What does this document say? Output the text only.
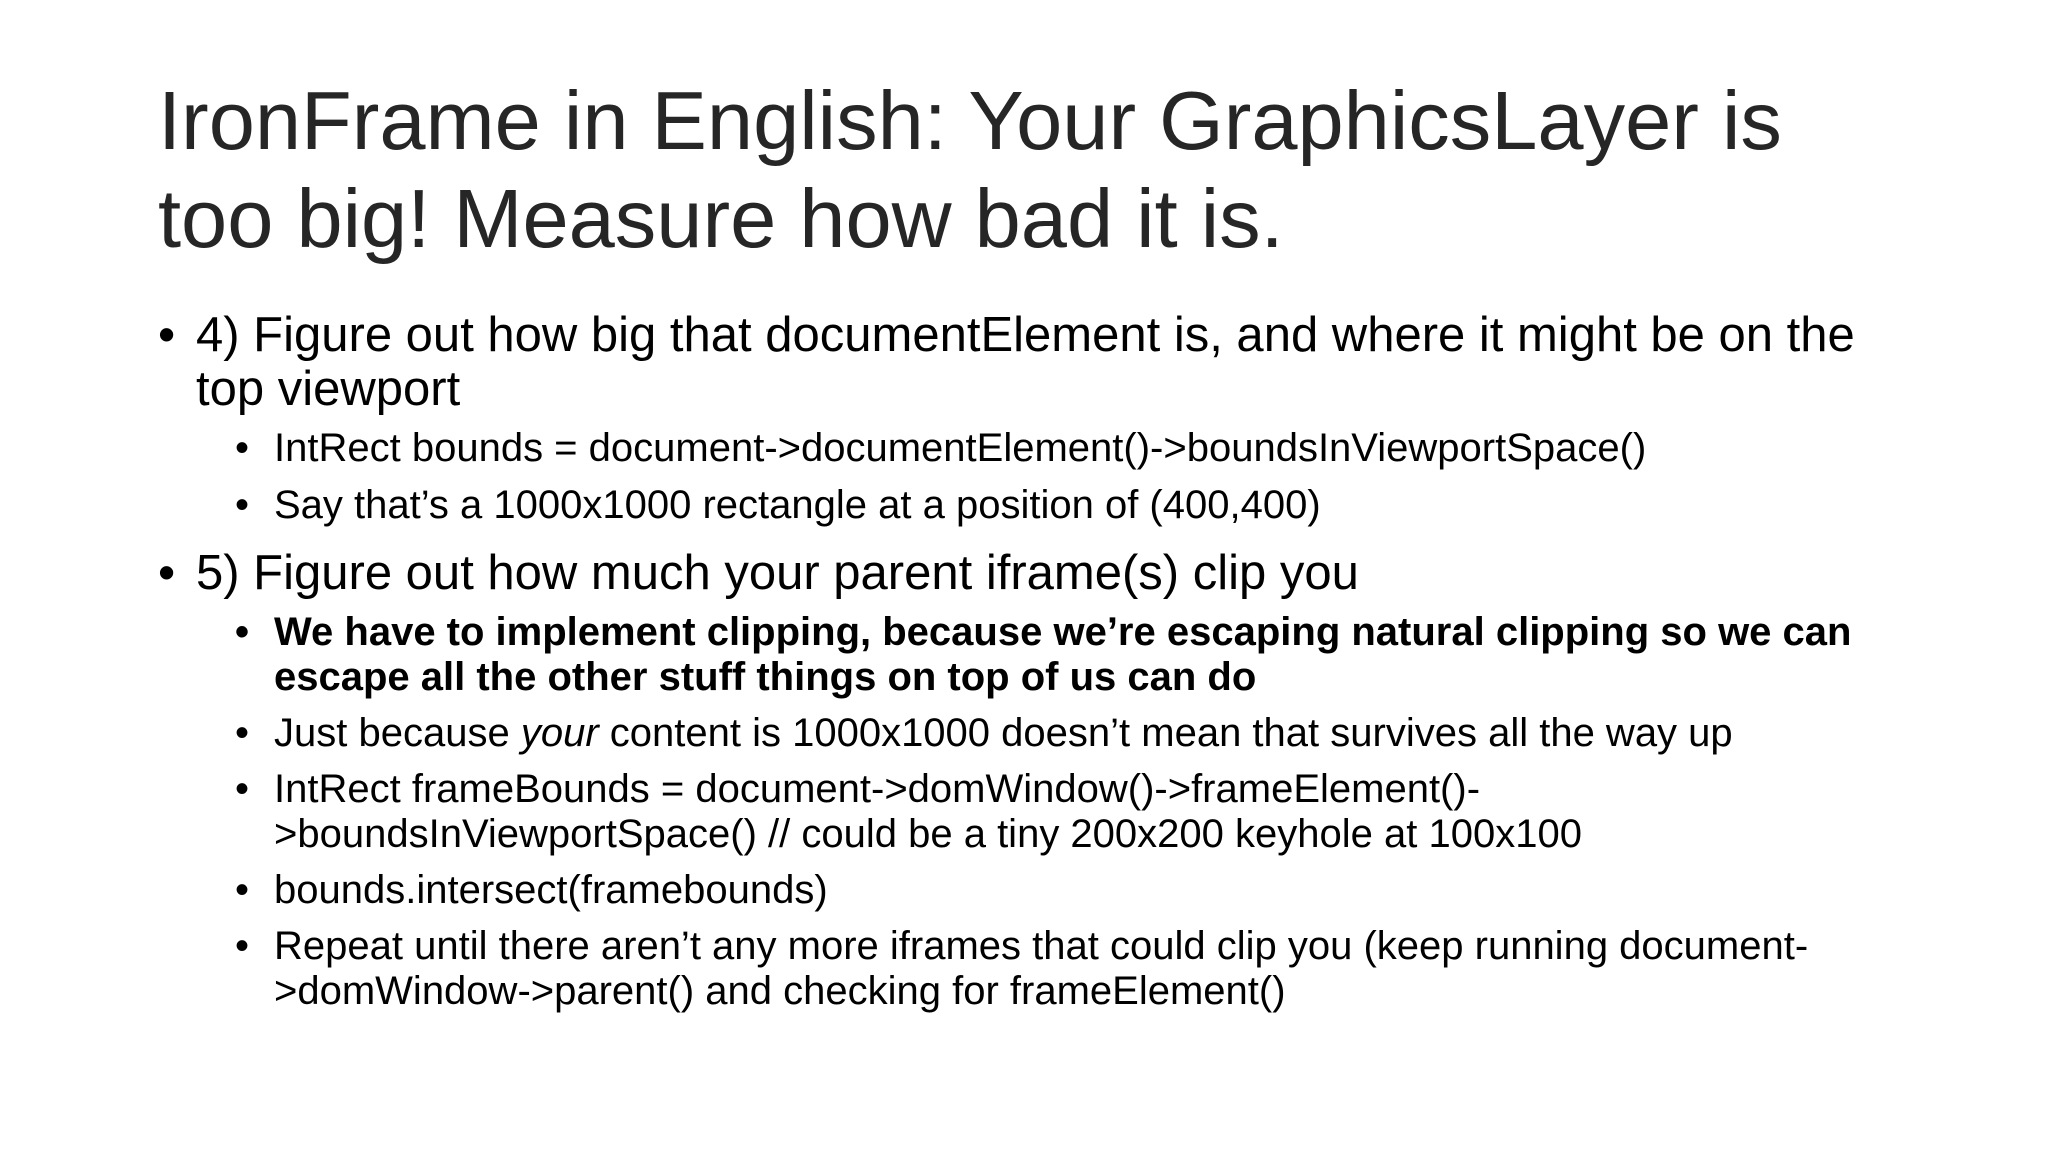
IronFrame in English: Your GraphicsLayer is
too big! Measure how bad it is.

• 4) Figure out how big that documentElement is, and where it might be on the top viewport

• IntRect bounds = document->documentElement()->boundsInViewportSpace()

• Say that’s a 1000x1000 rectangle at a position of (400,400)

• 5) Figure out how much your parent iframe(s) clip you

• We have to implement clipping, because we’re escaping natural clipping so we can escape all the other stuff things on top of us can do

• Just because your content is 1000x1000 doesn’t mean that survives all the way up

• IntRect frameBounds = document->domWindow()->frameElement()->boundsInViewportSpace() // could be a tiny 200x200 keyhole at 100x100

• bounds.intersect(framebounds)

• Repeat until there aren’t any more iframes that could clip you (keep running document->domWindow->parent() and checking for frameElement()
